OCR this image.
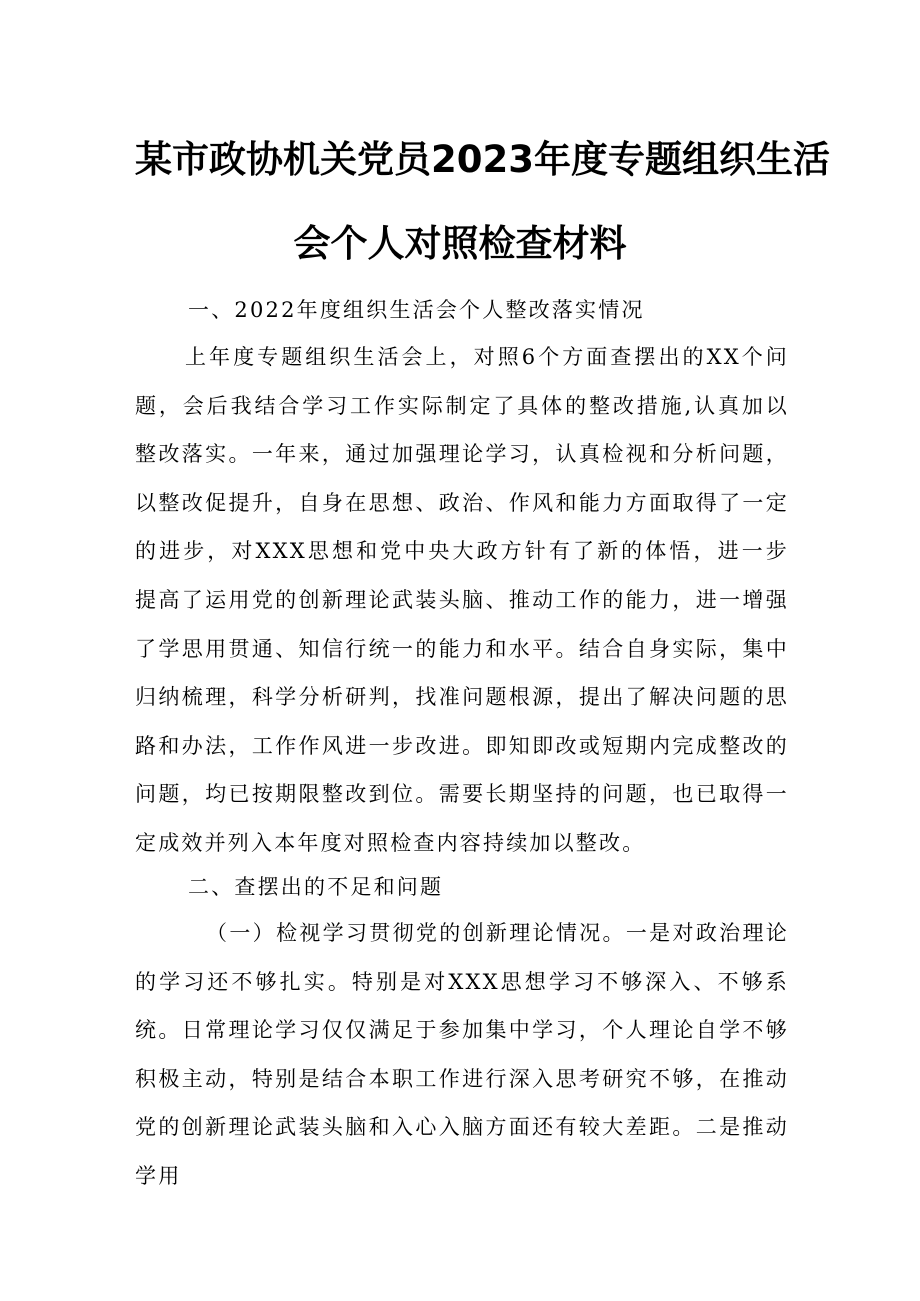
某市政协机关党员2023年度专题组织生活
会个人对照检查材料

一、2022年度组织生活会个人整改落实情况

上年度专题组织生活会上，对照6个方面查摆出的XX个问题，会后我结合学习工作实际制定了具体的整改措施,认真加以整改落实。一年来，通过加强理论学习，认真检视和分析问题，以整改促提升，自身在思想、政治、作风和能力方面取得了一定的进步，对XXX思想和党中央大政方针有了新的体悟，进一步提高了运用党的创新理论武装头脑、推动工作的能力，进一增强了学思用贯通、知信行统一的能力和水平。结合自身实际，集中归纳梳理，科学分析研判，找准问题根源，提出了解决问题的思路和办法，工作作风进一步改进。即知即改或短期内完成整改的问题，均已按期限整改到位。需要长期坚持的问题，也已取得一定成效并列入本年度对照检查内容持续加以整改。

二、查摆出的不足和问题

（一）检视学习贯彻党的创新理论情况。一是对政治理论的学习还不够扎实。特别是对XXX思想学习不够深入、不够系统。日常理论学习仅仅满足于参加集中学习，个人理论自学不够积极主动，特别是结合本职工作进行深入思考研究不够，在推动党的创新理论武装头脑和入心入脑方面还有较大差距。二是推动学用
